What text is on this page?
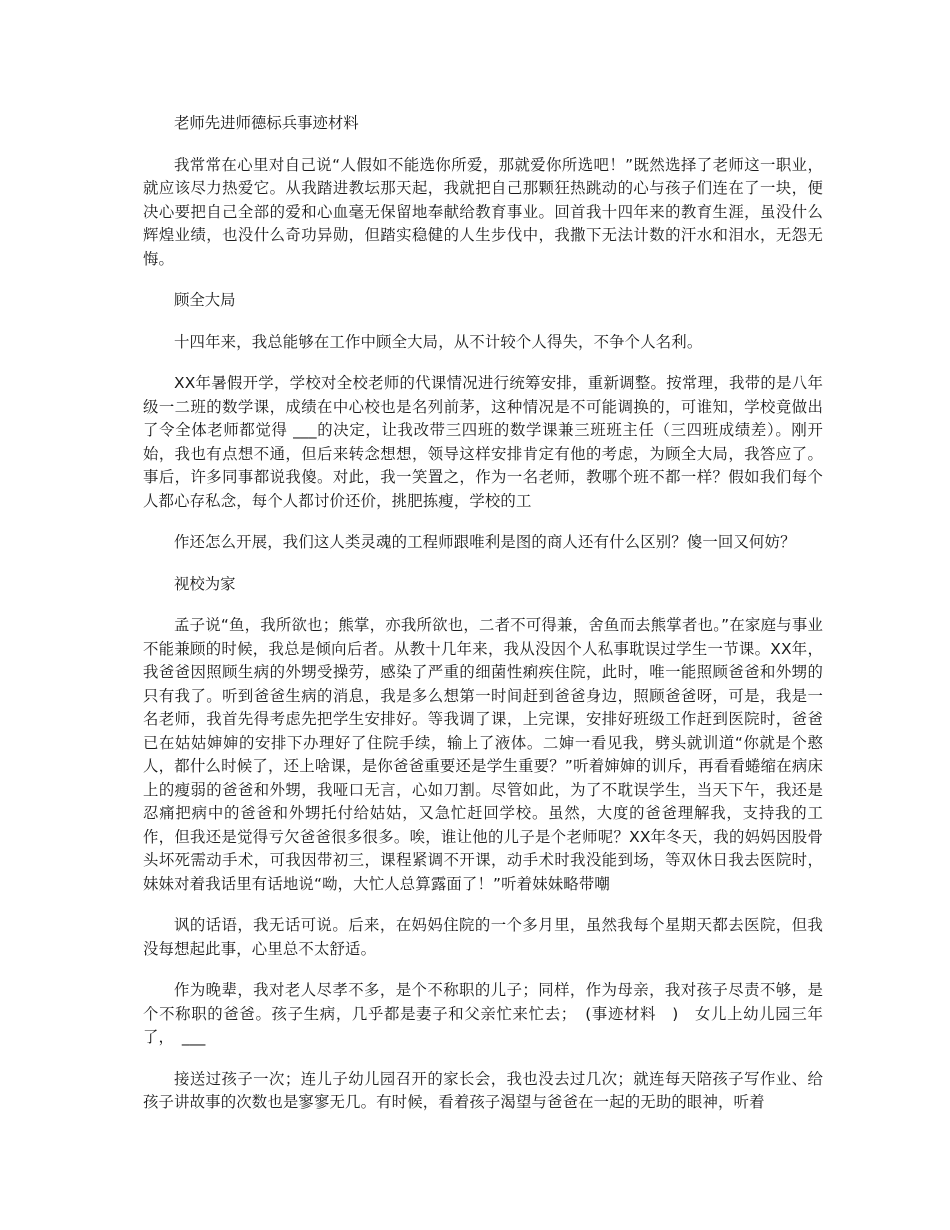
老师先进师德标兵事迹材料

我常常在心里对自己说“人假如不能选你所爱，那就爱你所选吧！”既然选择了老师这一职业，就应该尽力热爱它。从我踏进教坛那天起，我就把自己那颗狂热跳动的心与孩子们连在了一块，便决心要把自己全部的爱和心血毫无保留地奉献给教育事业。回首我十四年来的教育生涯，虽没什么辉煌业绩，也没什么奇功异勋，但踏实稳健的人生步伐中，我撒下无法计数的汗水和泪水，无怨无悔。

顾全大局

十四年来，我总能够在工作中顾全大局，从不计较个人得失，不争个人名利。

XX年暑假开学，学校对全校老师的代课情况进行统筹安排，重新调整。按常理，我带的是八年级一二班的数学课，成绩在中心校也是名列前茅，这种情况是不可能调换的，可谁知，学校竟做出了令全体老师都觉得 ___的决定，让我改带三四班的数学课兼三班班主任（三四班成绩差）。刚开始，我也有点想不通，但后来转念想想，领导这样安排肯定有他的考虑，为顾全大局，我答应了。事后，许多同事都说我傻。对此，我一笑置之，作为一名老师，教哪个班不都一样？假如我们每个人都心存私念，每个人都讨价还价，挑肥拣瘦，学校的工

作还怎么开展，我们这人类灵魂的工程师跟唯利是图的商人还有什么区别？傻一回又何妨？

视校为家

孟子说“鱼，我所欲也；熊掌，亦我所欲也，二者不可得兼，舍鱼而去熊掌者也。”在家庭与事业不能兼顾的时候，我总是倾向后者。从教十几年来，我从没因个人私事耽误过学生一节课。XX年，我爸爸因照顾生病的外甥受操劳，感染了严重的细菌性痢疾住院，此时，唯一能照顾爸爸和外甥的只有我了。听到爸爸生病的消息，我是多么想第一时间赶到爸爸身边，照顾爸爸呀，可是，我是一名老师，我首先得考虑先把学生安排好。等我调了课，上完课，安排好班级工作赶到医院时，爸爸已在姑姑婶婶的安排下办理好了住院手续，输上了液体。二婶一看见我，劈头就训道“你就是个憨人，都什么时候了，还上啥课，是你爸爸重要还是学生重要？”听着婶婶的训斥，再看看蜷缩在病床上的瘦弱的爸爸和外甥，我哑口无言，心如刀割。尽管如此，为了不耽误学生，当天下午，我还是忍痛把病中的爸爸和外甥托付给姑姑，又急忙赶回学校。虽然，大度的爸爸理解我，支持我的工作，但我还是觉得亏欠爸爸很多很多。唉，谁让他的儿子是个老师呢？XX年冬天，我的妈妈因股骨头坏死需动手术，可我因带初三，课程紧调不开课，动手术时我没能到场，等双休日我去医院时，妹妹对着我话里有话地说“呦，大忙人总算露面了！”听着妹妹略带嘲

讽的话语，我无话可说。后来，在妈妈住院的一个多月里，虽然我每个星期天都去医院，但我没每想起此事，心里总不太舒适。

作为晚辈，我对老人尽孝不多，是个不称职的儿子；同样，作为母亲，我对孩子尽责不够，是个不称职的爸爸。孩子生病，几乎都是妻子和父亲忙来忙去；　(事迹材料　)　女儿上幼儿园三年了，　___

接送过孩子一次；连儿子幼儿园召开的家长会，我也没去过几次；就连每天陪孩子写作业、给孩子讲故事的次数也是寥寥无几。有时候，看着孩子渴望与爸爸在一起的无助的眼神，听着
